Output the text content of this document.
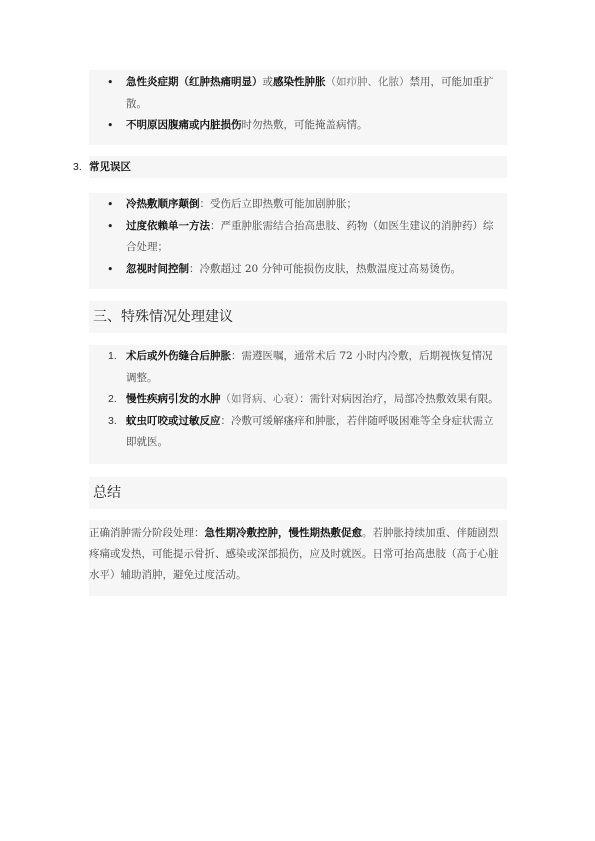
• 急性炎症期（红肿热痛明显）或感染性肿胀（如疖肿、化脓）禁用，可能加重扩散。
• 不明原因腹痛或内脏损伤时勿热敷，可能掩盖病情。
3. 常见误区
• 冷热敷顺序颠倒：受伤后立即热敷可能加剧肿胀；
• 过度依赖单一方法：严重肿胀需结合抬高患肢、药物（如医生建议的消肿药）综合处理；
• 忽视时间控制：冷敷超过 20 分钟可能损伤皮肤，热敷温度过高易烫伤。
三、特殊情况处理建议
1. 术后或外伤缝合后肿胀：需遵医嘱，通常术后 72 小时内冷敷，后期视恢复情况调整。
2. 慢性疾病引发的水肿（如肾病、心衰）：需针对病因治疗，局部冷热敷效果有限。
3. 蚊虫叮咬或过敏反应：冷敷可缓解瘙痒和肿胀，若伴随呼吸困难等全身症状需立即就医。
总结
正确消肿需分阶段处理：急性期冷敷控肿，慢性期热敷促愈。若肿胀持续加重、伴随剧烈疼痛或发热，可能提示骨折、感染或深部损伤，应及时就医。日常可抬高患肢（高于心脏水平）辅助消肿，避免过度活动。
